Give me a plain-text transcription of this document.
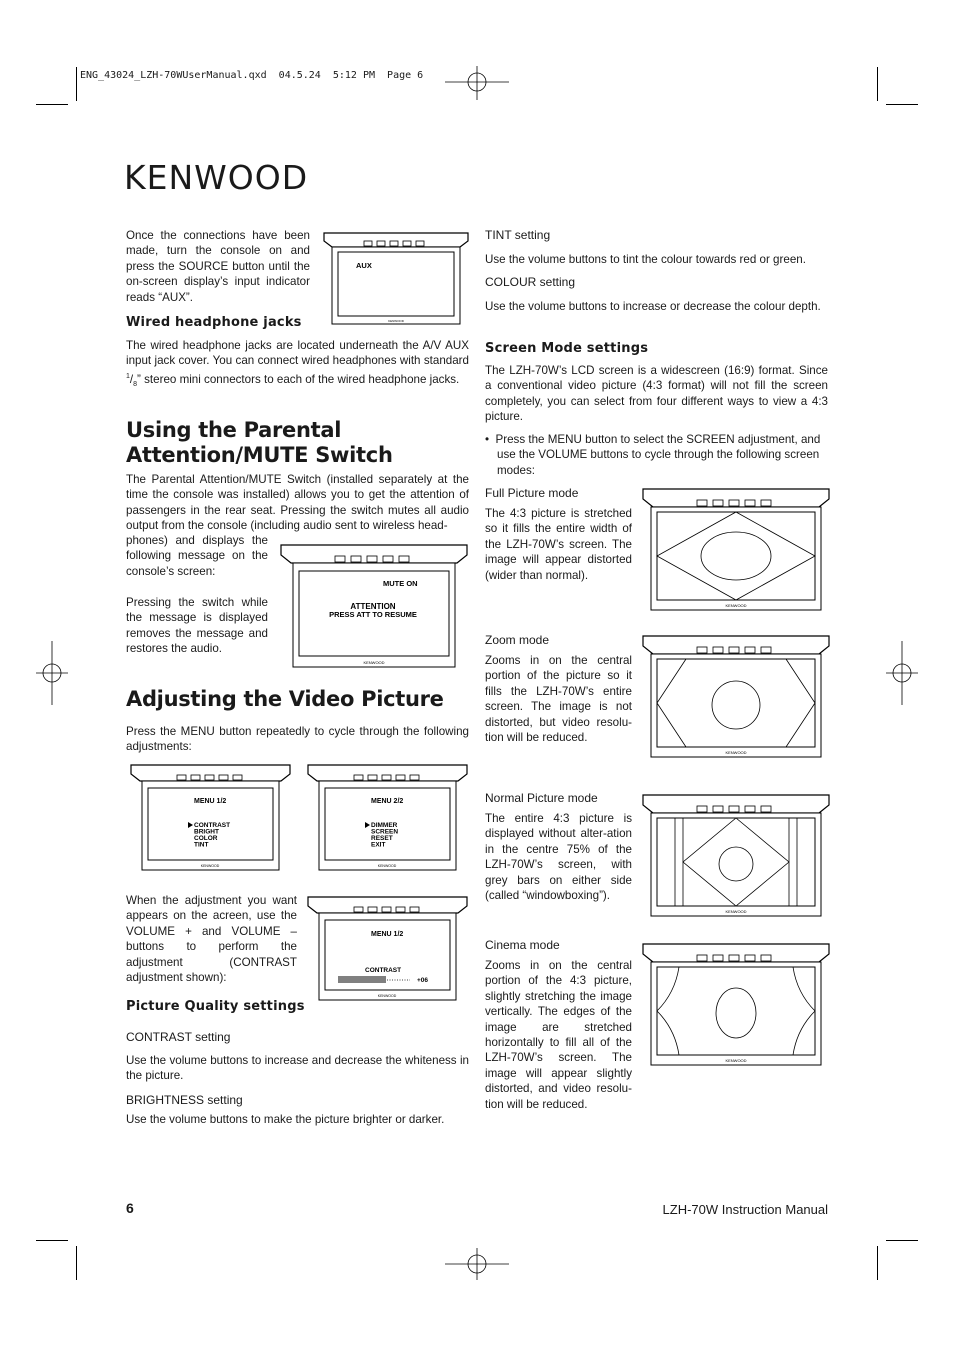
ENG_43024_LZH-70WUserManual.qxd  04.5.24  5:12 PM  Page 6
KENWOOD

Once the connections have been made, turn the console on and press the SOURCE button until the on-screen display’s input indicator reads “AUX”.

AUX
KENWOOD
Wired headphone jacks

The wired headphone jacks are located underneath the A/V AUX input jack cover. You can connect wired headphones with standard $^1/_8$” stereo mini connectors to each of the wired headphone jacks.

Using the Parental
Attention/MUTE Switch

The Parental Attention/MUTE Switch (installed separately at the time the console was installed) allows you to get the attention of passengers in the rear seat. Pressing the switch mutes all audio output from the console (including audio sent to wireless head-

phones) and displays the following message on the console’s screen:

Pressing the switch while the message is displayed removes the message and restores the audio.

MUTE ON
ATTENTION
PRESS ATT TO RESUME
KENWOOD
Adjusting the Video Picture

Press the MENU button repeatedly to cycle through the following adjustments:

MENU 1/2
CONTRAST
BRIGHT
COLOR
TINT
KENWOOD
MENU 2/2
DIMMER
SCREEN
RESET
EXIT
KENWOOD

When the adjustment you want appears on the acreen, use the VOLUME + and VOLUME – buttons to perform the adjustment (CONTRAST adjustment shown):

MENU 1/2
CONTRAST
+06
KENWOOD
Picture Quality settings
CONTRAST setting

Use the volume buttons to increase and decrease the whiteness in the picture.

BRIGHTNESS setting

Use the volume buttons to make the picture brighter or darker.

TINT setting

Use the volume buttons to tint the colour towards red or green.

COLOUR setting

Use the volume buttons to increase or decrease the colour depth.

Screen Mode settings

The LZH-70W’s LCD screen is a widescreen (16:9) format. Since a conventional video picture (4:3 format) will not fill the screen completely, you can select from four different ways to view a 4:3 picture.

•  Press the MENU button to select the SCREEN adjustment, and use the VOLUME buttons to cycle through the following screen modes:

Full Picture mode

The 4:3 picture is stretched so it fills the entire width of the LZH-70W’s screen. The image will appear distorted (wider than normal).

KENWOOD
Zoom mode

Zooms in on the central portion of the picture so it fills the LZH-70W’s entire screen. The image is not distorted, but video resolu-tion will be reduced.

KENWOOD
Normal Picture mode

The entire 4:3 picture is displayed without alter-ation in the centre 75% of the LZH-70W’s screen, with grey bars on either side (called “windowboxing”).

KENWOOD
Cinema mode

Zooms in on the central portion of the 4:3 picture, slightly stretching the image vertically. The edges of the image are stretched horizontally to fill all of the LZH-70W’s screen. The image will appear slightly distorted, and video resolu-tion will be reduced.

KENWOOD
6	LZH-70W Instruction Manual
